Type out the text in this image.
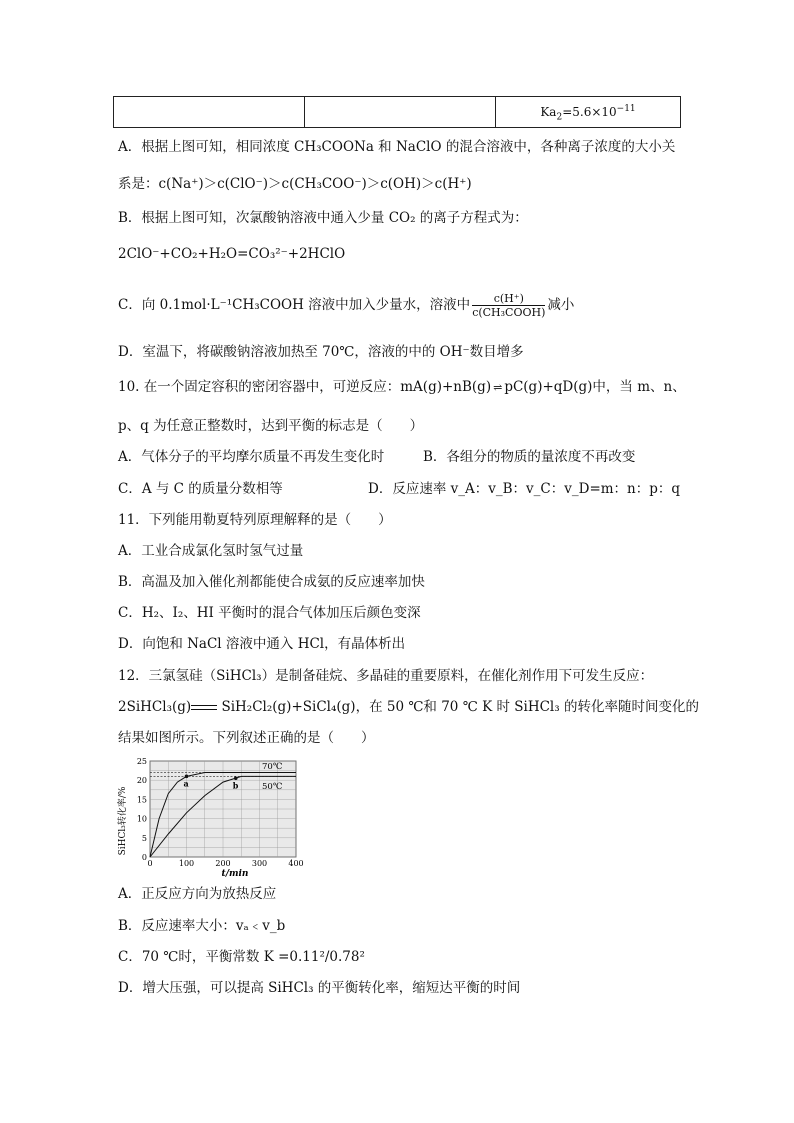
		$Ka_2=5.6\times 10^{-11}$
A．根据上图可知，相同浓度 CH₃COONa 和 NaClO 的混合溶液中，各种离子浓度的大小关
系是：c(Na⁺)＞c(ClO⁻)＞c(CH₃COO⁻)＞c(OH)＞c(H⁺)
B．根据上图可知，次氯酸钠溶液中通入少量 CO₂ 的离子方程式为：
2ClO⁻+CO₂+H₂O=CO₃²⁻+2HClO
C．向 0.1mol·L⁻¹CH₃COOH 溶液中加入少量水，溶液中 $\frac{c(H^+)}{\text{c(CH₃COOH)}}$ 减小
D．室温下，将碳酸钠溶液加热至 70℃，溶液的中的 OH⁻数目增多
10. 在一个固定容积的密闭容器中，可逆反应：mA(g)+nB(g) ⇌ pC(g)+qD(g)中，当 m、n、
p、q 为任意正整数时，达到平衡的标志是（　　）
A．气体分子的平均摩尔质量不再发生变化时	B．各组分的物质的量浓度不再改变
C．A 与 C 的质量分数相等	D．反应速率 v_A：v_B：v_C：v_D=m：n：p：q
11．下列能用勒夏特列原理解释的是（　　）
A．工业合成氯化氢时氢气过量
B．高温及加入催化剂都能使合成氨的反应速率加快
C．H₂、I₂、HI 平衡时的混合气体加压后颜色变深
D．向饱和 NaCl 溶液中通入 HCl，有晶体析出
12．三氯氢硅（SiHCl₃）是制备硅烷、多晶硅的重要原料，在催化剂作用下可发生反应：
2SiHCl₃(g) SiH₂Cl₂(g)+SiCl₄(g)，在 50 ℃和 70 ℃ K 时 SiHCl₃ 的转化率随时间变化的
结果如图所示。下列叙述正确的是（　　）
0	100	200	300	400
0
5
10
15
20
25
a	b
SiHCl₃转化率/%
t/min
70℃
50℃
A．正反应方向为放热反应
B．反应速率大小：vₐ﹤v_b
C．70 ℃时，平衡常数 K =0.11²/0.78²
D．增大压强，可以提高 SiHCl₃ 的平衡转化率，缩短达平衡的时间
